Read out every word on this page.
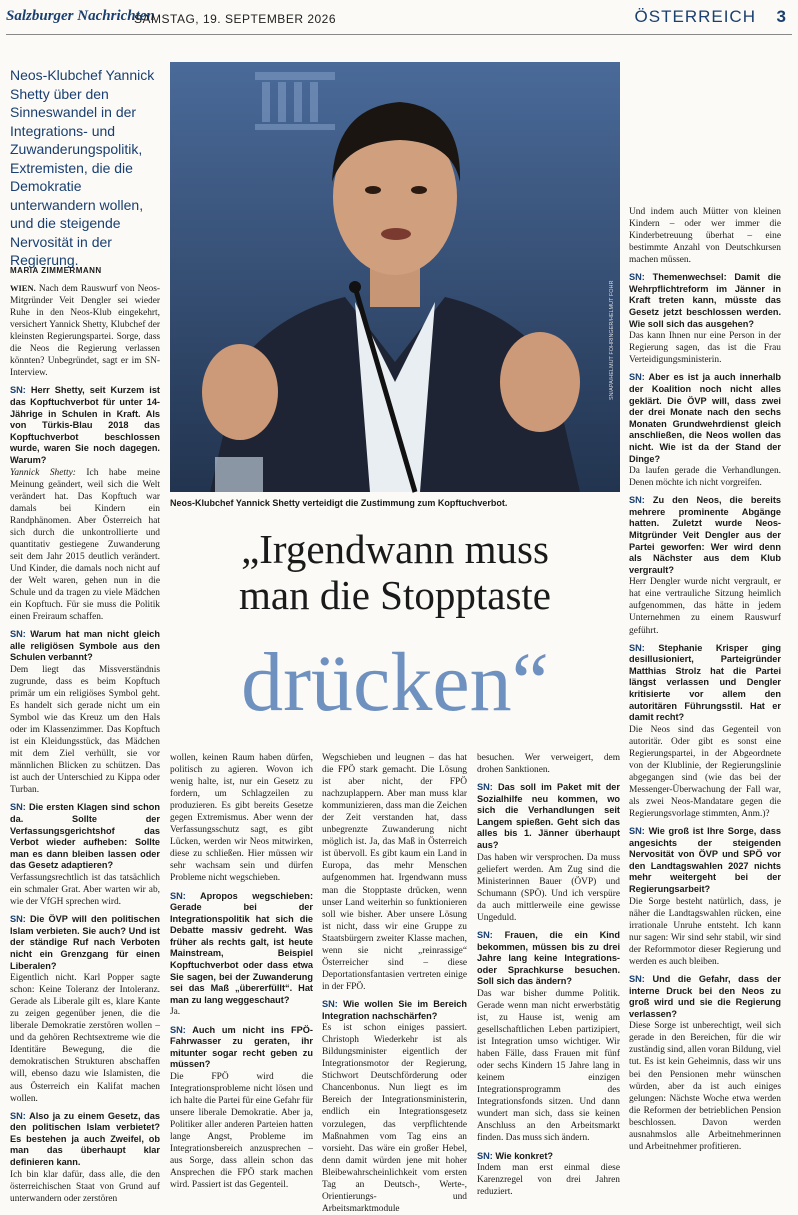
Salzburger Nachrichten
SAMSTAG, 19. SEPTEMBER 2026	ÖSTERREICH 3
Neos-Klubchef Yannick Shetty über den Sinneswandel in der Integrations- und Zuwanderungspolitik, Extremisten, die die Demokratie unterwandern wollen, und die steigende Nervosität in der Regierung.
MARIA ZIMMERMANN
SN/APA/HELMUT FOHRINGER/HELMUT FOHR
Neos-Klubchef Yannick Shetty verteidigt die Zustimmung zum Kopftuchverbot.
„Irgendwann muss
man die Stopptaste
drücken“

WIEN. Nach dem Rauswurf von Neos-Mitgründer Veit Dengler sei wieder Ruhe in den Neos-Klub eingekehrt, versichert Yannick Shetty, Klubchef der kleinsten Regierungspartei. Sorge, dass die Neos die Regierung verlassen könnten? Unbegründet, sagt er im SN-Interview.

SN: Herr Shetty, seit Kurzem ist das Kopftuchverbot für unter 14-Jährige in Schulen in Kraft. Als von Türkis-Blau 2018 das Kopftuchverbot beschlossen wurde, waren Sie noch dagegen. Warum?

Yannick Shetty: Ich habe meine Meinung geändert, weil sich die Welt verändert hat. Das Kopftuch war damals bei Kindern ein Randphänomen. Aber Österreich hat sich durch die unkontrollierte und quantitativ gestiegene Zuwanderung seit dem Jahr 2015 deutlich verändert. Und Kinder, die damals noch nicht auf der Welt waren, gehen nun in die Schule und da tragen zu viele Mädchen ein Kopftuch. Für sie muss die Politik einen Freiraum schaffen.

SN: Warum hat man nicht gleich alle religiösen Symbole aus den Schulen verbannt?

Dem liegt das Missverständnis zugrunde, dass es beim Kopftuch primär um ein religiöses Symbol geht. Es handelt sich gerade nicht um ein Symbol wie das Kreuz um den Hals oder im Klassenzimmer. Das Kopftuch ist ein Kleidungsstück, das Mädchen mit dem Ziel verhüllt, sie vor männlichen Blicken zu schützen. Das ist auch der Unterschied zu Kippa oder Turban.

SN: Die ersten Klagen sind schon da. Sollte der Verfassungsgerichtshof das Verbot wieder aufheben: Sollte man es dann bleiben lassen oder das Gesetz adaptieren?

Verfassungsrechtlich ist das tatsächlich ein schmaler Grat. Aber warten wir ab, wie der VfGH sprechen wird.

SN: Die ÖVP will den politischen Islam verbieten. Sie auch? Und ist der ständige Ruf nach Verboten nicht ein Grenzgang für einen Liberalen?

Eigentlich nicht. Karl Popper sagte schon: Keine Toleranz der Intoleranz. Gerade als Liberale gilt es, klare Kante zu zeigen gegenüber jenen, die die liberale Demokratie zerstören wollen – und da gehören Rechtsextreme wie die Identitäre Bewegung, die die demokratischen Strukturen abschaffen will, ebenso dazu wie Islamisten, die aus Österreich ein Kalifat machen wollen.

SN: Also ja zu einem Gesetz, das den politischen Islam verbietet? Es bestehen ja auch Zweifel, ob man das überhaupt klar definieren kann.

Ich bin klar dafür, dass alle, die den österreichischen Staat von Grund auf unterwandern oder zerstören

wollen, keinen Raum haben dürfen, politisch zu agieren. Wovon ich wenig halte, ist, nur ein Gesetz zu fordern, um Schlagzeilen zu produzieren. Es gibt bereits Gesetze gegen Extremismus. Aber wenn der Verfassungsschutz sagt, es gibt Lücken, werden wir Neos mitwirken, diese zu schließen. Hier müssen wir sehr wachsam sein und dürfen Probleme nicht wegschieben.

SN: Apropos wegschieben: Gerade bei der Integrationspolitik hat sich die Debatte massiv gedreht. Was früher als rechts galt, ist heute Mainstream, Beispiel Kopftuchverbot oder dass etwa Sie sagen, bei der Zuwanderung sei das Maß „übererfüllt“. Hat man zu lang weggeschaut?

Ja.

SN: Auch um nicht ins FPÖ-Fahrwasser zu geraten, ihr mitunter sogar recht geben zu müssen?

Die FPÖ wird die Integrationsprobleme nicht lösen und ich halte die Partei für eine Gefahr für unsere liberale Demokratie. Aber ja, Politiker aller anderen Parteien hatten lange Angst, Probleme im Integrationsbereich anzusprechen – aus Sorge, dass allein schon das Ansprechen die FPÖ stark machen wird. Passiert ist das Gegenteil.

Wegschieben und leugnen – das hat die FPÖ stark gemacht. Die Lösung ist aber nicht, der FPÖ nachzuplappern. Aber man muss klar kommunizieren, dass man die Zeichen der Zeit verstanden hat, dass unbegrenzte Zuwanderung nicht möglich ist. Ja, das Maß in Österreich ist übervoll. Es gibt kaum ein Land in Europa, das mehr Menschen aufgenommen hat. Irgendwann muss man die Stopptaste drücken, wenn unser Land weiterhin so funktionieren soll wie bisher. Aber unsere Lösung ist nicht, dass wir eine Gruppe zu Staatsbürgern zweiter Klasse machen, wenn sie nicht „reinrassige“ Österreicher sind – diese Deportationsfantasien vertreten einige in der FPÖ.

SN: Wie wollen Sie im Bereich Integration nachschärfen?

Es ist schon einiges passiert. Christoph Wiederkehr ist als Bildungsminister eigentlich der Integrationsmotor der Regierung, Stichwort Deutschförderung oder Chancenbonus. Nun liegt es im Bereich der Integrationsministerin, endlich ein Integrationsgesetz vorzulegen, das verpflichtende Maßnahmen vom Tag eins an vorsieht. Das wäre ein großer Hebel, denn damit würden jene mit hoher Bleibewahrscheinlichkeit vom ersten Tag an Deutsch-, Werte-, Orientierungs- und Arbeitsmarktmodule

besuchen. Wer verweigert, dem drohen Sanktionen.

SN: Das soll im Paket mit der Sozialhilfe neu kommen, wo sich die Verhandlungen seit Langem spießen. Geht sich das alles bis 1. Jänner überhaupt aus?

Das haben wir versprochen. Da muss geliefert werden. Am Zug sind die Ministerinnen Bauer (ÖVP) und Schumann (SPÖ). Und ich verspüre da auch mittlerweile eine gewisse Ungeduld.

SN: Frauen, die ein Kind bekommen, müssen bis zu drei Jahre lang keine Integrations- oder Sprachkurse besuchen. Soll sich das ändern?

Das war bisher dumme Politik. Gerade wenn man nicht erwerbstätig ist, zu Hause ist, wenig am gesellschaftlichen Leben partizipiert, ist Integration umso wichtiger. Wir haben Fälle, dass Frauen mit fünf oder sechs Kindern 15 Jahre lang in keinem einzigen Integrationsprogramm des Integrationsfonds sitzen. Und dann wundert man sich, dass sie keinen Anschluss an den Arbeitsmarkt finden. Das muss sich ändern.

SN: Wie konkret?

Indem man erst einmal diese Karenzregel von drei Jahren reduziert.

Und indem auch Mütter von kleinen Kindern – oder wer immer die Kinderbetreuung überhat – eine bestimmte Anzahl von Deutschkursen machen müssen.

SN: Themenwechsel: Damit die Wehrpflichtreform im Jänner in Kraft treten kann, müsste das Gesetz jetzt beschlossen werden. Wie soll sich das ausgehen?

Das kann Ihnen nur eine Person in der Regierung sagen, das ist die Frau Verteidigungsministerin.

SN: Aber es ist ja auch innerhalb der Koalition noch nicht alles geklärt. Die ÖVP will, dass zwei der drei Monate nach den sechs Monaten Grundwehrdienst gleich anschließen, die Neos wollen das nicht. Wie ist da der Stand der Dinge?

Da laufen gerade die Verhandlungen. Denen möchte ich nicht vorgreifen.

SN: Zu den Neos, die bereits mehrere prominente Abgänge hatten. Zuletzt wurde Neos-Mitgründer Veit Dengler aus der Partei geworfen: Wer wird denn als Nächster aus dem Klub vergrault?

Herr Dengler wurde nicht vergrault, er hat eine vertrauliche Sitzung heimlich aufgenommen, das hätte in jedem Unternehmen zu einem Rauswurf geführt.

SN: Stephanie Krisper ging desillusioniert, Parteigründer Matthias Strolz hat die Partei längst verlassen und Dengler kritisierte vor allem den autoritären Führungsstil. Hat er damit recht?

Die Neos sind das Gegenteil von autoritär. Oder gibt es sonst eine Regierungspartei, in der Abgeordnete von der Klublinie, der Regierungslinie abgegangen sind (wie das bei der Messenger-Überwachung der Fall war, als zwei Neos-Mandatare gegen die Regierungsvorlage stimmten, Anm.)?

SN: Wie groß ist Ihre Sorge, dass angesichts der steigenden Nervosität von ÖVP und SPÖ vor den Landtagswahlen 2027 nichts mehr weitergeht bei der Regierungsarbeit?

Die Sorge besteht natürlich, dass, je näher die Landtagswahlen rücken, eine irrationale Unruhe entsteht. Ich kann nur sagen: Wir sind sehr stabil, wir sind der Reformmotor dieser Regierung und werden es auch bleiben.

SN: Und die Gefahr, dass der interne Druck bei den Neos zu groß wird und sie die Regierung verlassen?

Diese Sorge ist unberechtigt, weil sich gerade in den Bereichen, für die wir zuständig sind, allen voran Bildung, viel tut. Es ist kein Geheimnis, dass wir uns bei den Pensionen mehr wünschen würden, aber da ist auch einiges gelungen: Nächste Woche etwa werden die Reformen der betrieblichen Pension beschlossen. Davon werden ausnahmslos alle Arbeitnehmerinnen und Arbeitnehmer profitieren.
